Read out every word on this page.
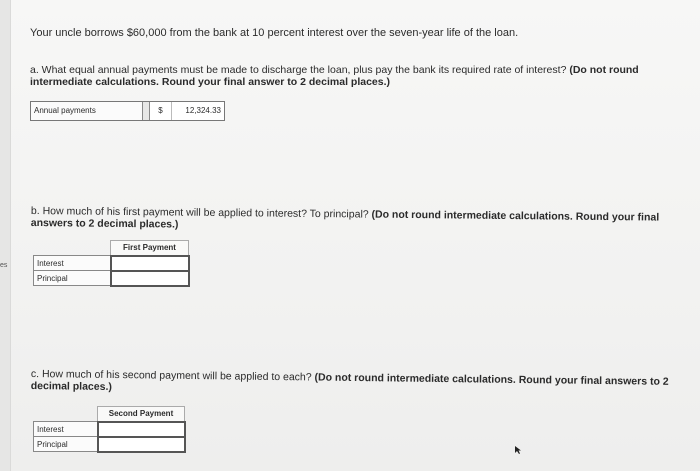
es
Your uncle borrows $60,000 from the bank at 10 percent interest over the seven-year life of the loan.
a. What equal annual payments must be made to discharge the loan, plus pay the bank its required rate of interest? (Do not round intermediate calculations. Round your final answer to 2 decimal places.)
Annual payments	$	12,324.33
b. How much of his first payment will be applied to interest? To principal? (Do not round intermediate calculations. Round your final answers to 2 decimal places.)
	First Payment
Interest	
Principal	
c. How much of his second payment will be applied to each? (Do not round intermediate calculations. Round your final answers to 2 decimal places.)
	Second Payment
Interest	
Principal	
